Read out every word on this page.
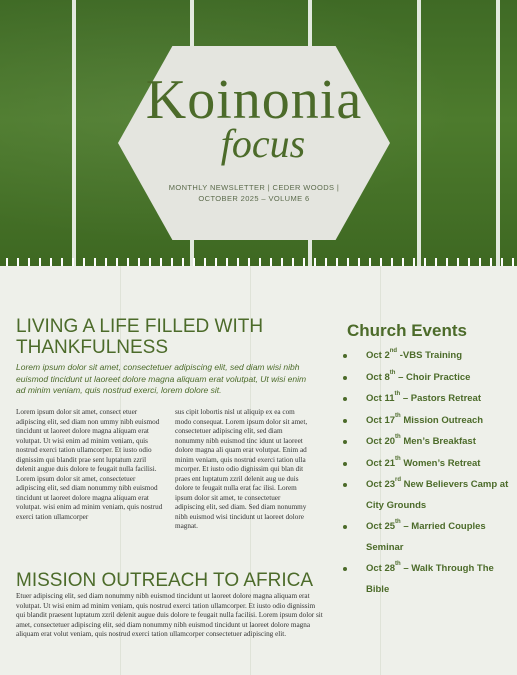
Koinonia
focus
MONTHLY NEWSLETTER | CEDER WOODS |
OCTOBER 2025 – VOLUME 6
LIVING A LIFE FILLED WITH THANKFULNESS
Lorem ipsum dolor sit amet, consectetuer adipiscing elit, sed diam wisi nibh euismod tincidunt ut laoreet dolore magna aliquam erat volutpat, Ut wisi enim ad minim veniam, quis nostrud exerci, lorem dolore sit.
Lorem ipsum dolor sit amet, consect etuer adipiscing elit, sed diam non ummy nibh euismod tincidunt ut laoreet dolore magna aliquam erat volutpat. Ut wisi enim ad minim veniam, quis nostrud exerci tation ullamcorper. Et iusto odio dignissim qui blandit prae sent luptatum zzril delenit augue duis dolore te feugait nulla facilisi. Lorem ipsum dolor sit amet, consectetuer adipiscing elit, sed diam nonummy nibh euismod tincidunt ut laoreet dolore magna aliquam erat volutpat. wisi enim ad minim veniam, quis nostrud exerci tation ullamcorper
sus cipit lobortis nisl ut aliquip ex ea com modo consequat. Lorem ipsum dolor sit amet, consectetuer adipiscing elit, sed diam nonummy nibh euismod tinc idunt ut laoreet dolore magna ali quam erat volutpat. Enim ad minim veniam, quis nostrud exerci tation ulla mcorper. Et iusto odio dignissim qui blan dit praes ent luptatum zzril delenit aug ue duis dolore te feugait nulla erat fac ilisi. Lorem ipsum dolor sit amet, te consectetuer adipiscing elit, sed diam. Sed diam nonummy nibh euismod wisi tincidunt ut laoreet dolore magnat.
MISSION OUTREACH TO AFRICA
Etuer adipiscing elit, sed diam nonummy nibh euismod tincidunt ut laoreet dolore magna aliquam erat volutpat. Ut wisi enim ad minim veniam, quis nostrud exerci tation ullamcorper. Et iusto odio dignissim qui blandit praesent luptatum zzril delenit augue duis dolore te feugait nulla facilisi. Lorem ipsum dolor sit amet, consectetuer adipiscing elit, sed diam nonummy nibh euismod tincidunt ut laoreet dolore magna aliquam erat volut veniam, quis nostrud exerci tation ullamcorper consectetuer adipiscing elit.
Church Events
Oct 2nd -VBS Training
Oct 8th – Choir Practice
Oct 11th – Pastors Retreat
Oct 17th Mission Outreach
Oct 20th Men’s Breakfast
Oct 21th Women’s Retreat
Oct 23rd New Believers Camp at City Grounds
Oct 25th – Married Couples Seminar
Oct 28th – Walk Through The Bible
